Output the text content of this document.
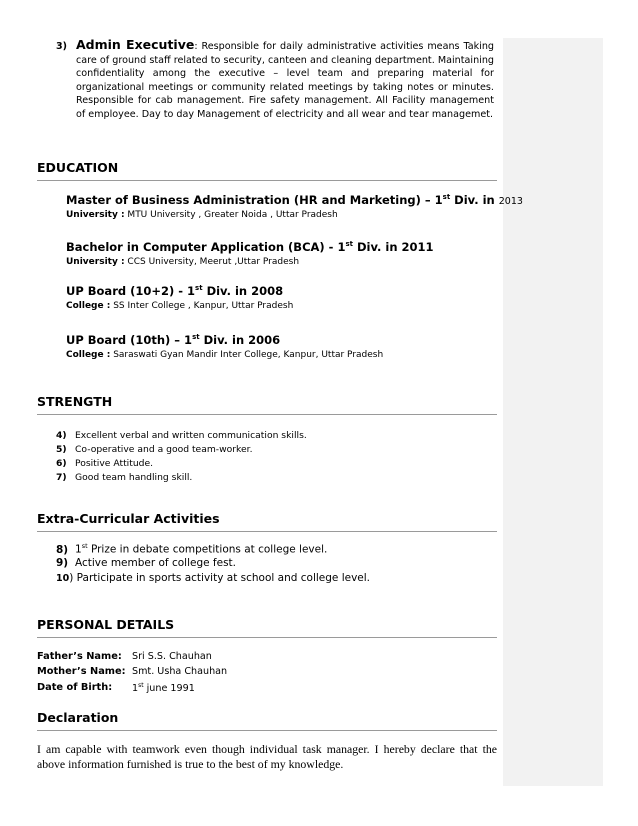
3) Admin Executive: Responsible for daily administrative activities means Taking care of ground staff related to security, canteen and cleaning department. Maintaining confidentiality among the executive – level team and preparing material for organizational meetings or community related meetings by taking notes or minutes. Responsible for cab management. Fire safety management. All Facility management of employee. Day to day Management of electricity and all wear and tear managemet.
EDUCATION
Master of Business Administration (HR and Marketing) – 1st Div. in 2013
University : MTU University , Greater Noida , Uttar Pradesh
Bachelor in Computer Application (BCA) - 1st Div. in 2011
University : CCS University, Meerut ,Uttar Pradesh
UP Board (10+2) - 1st Div. in 2008
College : SS Inter College , Kanpur, Uttar Pradesh
UP Board (10th) – 1st Div. in 2006
College : Saraswati Gyan Mandir Inter College, Kanpur, Uttar Pradesh
STRENGTH
4) Excellent verbal and written communication skills.
5) Co-operative and a good team-worker.
6) Positive Attitude.
7) Good team handling skill.
Extra-Curricular Activities
8) 1st Prize in debate competitions at college level.
9) Active member of college fest.
10) Participate in sports activity at school and college level.
PERSONAL DETAILS
Father’s Name: Sri S.S. Chauhan
Mother’s Name: Smt. Usha Chauhan
Date of Birth: 1st june 1991
Declaration
I am capable with teamwork even though individual task manager. I hereby declare that the above information furnished is true to the best of my knowledge.
